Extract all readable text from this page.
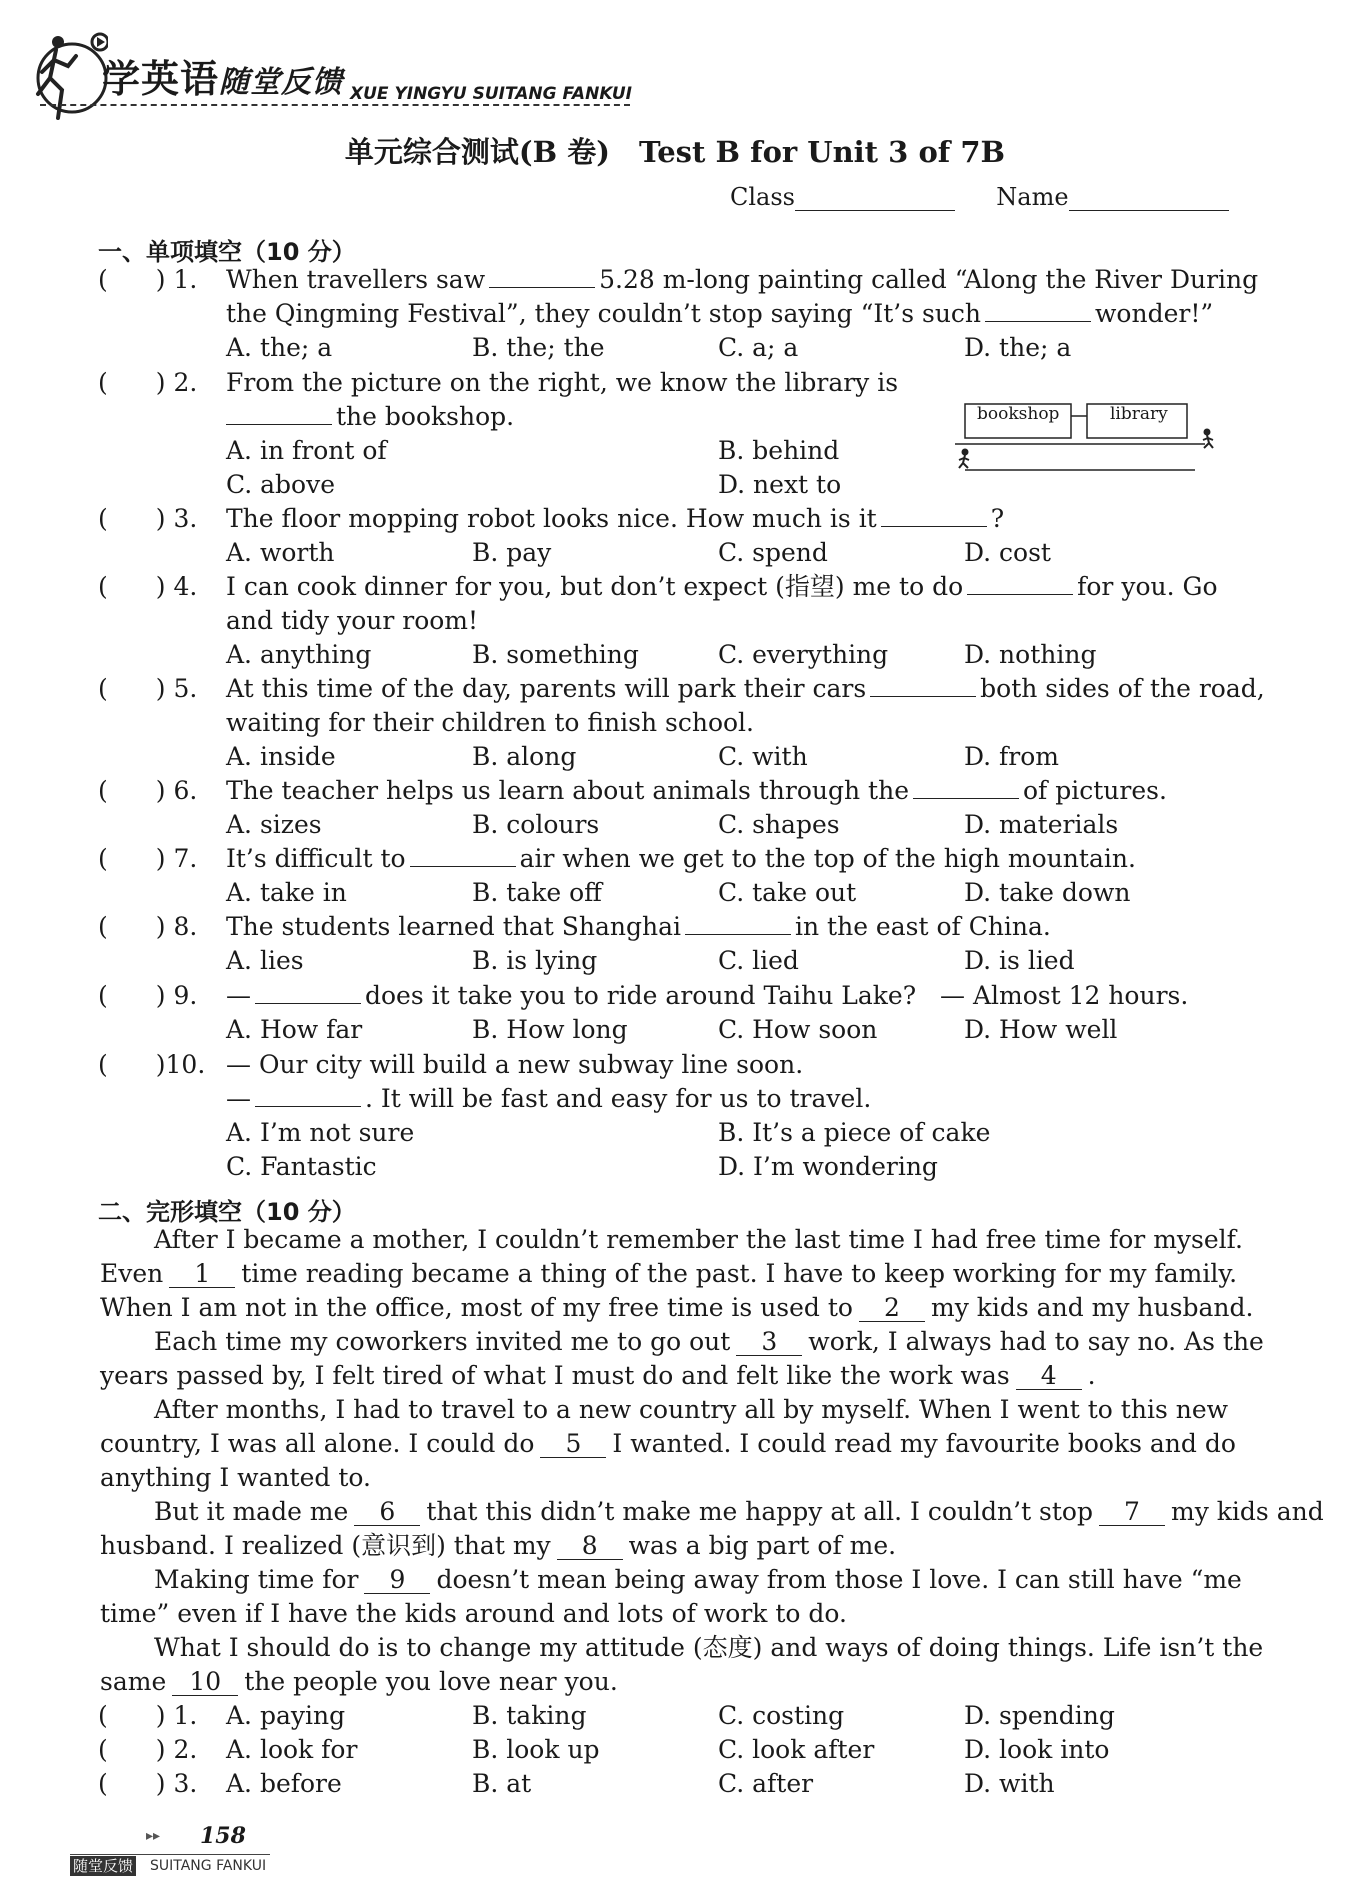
学英语随堂反馈 XUE YINGYU SUITANG FANKUI
单元综合测试(B 卷)　Test B for Unit 3 of 7B
Class	Name
一、单项填空（10 分）
( ) 1. When travellers saw	5.28 m-long painting called “Along the River During
the Qingming Festival”, they couldn’t stop saying “It’s such	wonder!”
A. the; a	B. the; the	C. a; a	D. the; a
( ) 2. From the picture on the right, we know the library is
the bookshop.
A. in front of	B. behind
C. above	D. next to
bookshop	library
( ) 3. The floor mopping robot looks nice. How much is it	?
A. worth	B. pay	C. spend	D. cost
( ) 4. I can cook dinner for you, but don’t expect (指望) me to do	for you. Go
and tidy your room!
A. anything	B. something	C. everything	D. nothing
( ) 5. At this time of the day, parents will park their cars	both sides of the road,
waiting for their children to finish school.
A. inside	B. along	C. with	D. from
( ) 6. The teacher helps us learn about animals through the	of pictures.
A. sizes	B. colours	C. shapes	D. materials
( ) 7. It’s difficult to	air when we get to the top of the high mountain.
A. take in	B. take off	C. take out	D. take down
( ) 8. The students learned that Shanghai	in the east of China.
A. lies	B. is lying	C. lied	D. is lied
( ) 9. —	does it take you to ride around Taihu Lake? — Almost 12 hours.
A. How far	B. How long	C. How soon	D. How well
( )10. — Our city will build a new subway line soon.
—	. It will be fast and easy for us to travel.
A. I’m not sure	B. It’s a piece of cake
C. Fantastic	D. I’m wondering
二、完形填空（10 分）
After I became a mother, I couldn’t remember the last time I had free time for myself.
Even 1 time reading became a thing of the past. I have to keep working for my family.
When I am not in the office, most of my free time is used to 2 my kids and my husband.
Each time my coworkers invited me to go out 3 work, I always had to say no. As the
years passed by, I felt tired of what I must do and felt like the work was 4 .
After months, I had to travel to a new country all by myself. When I went to this new
country, I was all alone. I could do 5 I wanted. I could read my favourite books and do
anything I wanted to.
But it made me 6 that this didn’t make me happy at all. I couldn’t stop 7 my kids and
husband. I realized (意识到) that my 8 was a big part of me.
Making time for 9 doesn’t mean being away from those I love. I can still have “me
time” even if I have the kids around and lots of work to do.
What I should do is to change my attitude (态度) and ways of doing things. Life isn’t the
same 10 the people you love near you.
( ) 1. A. paying	B. taking	C. costing	D. spending
( ) 2. A. look for	B. look up	C. look after	D. look into
( ) 3. A. before	B. at	C. after	D. with
▸▸ 158
随堂反馈 SUITANG FANKUI
